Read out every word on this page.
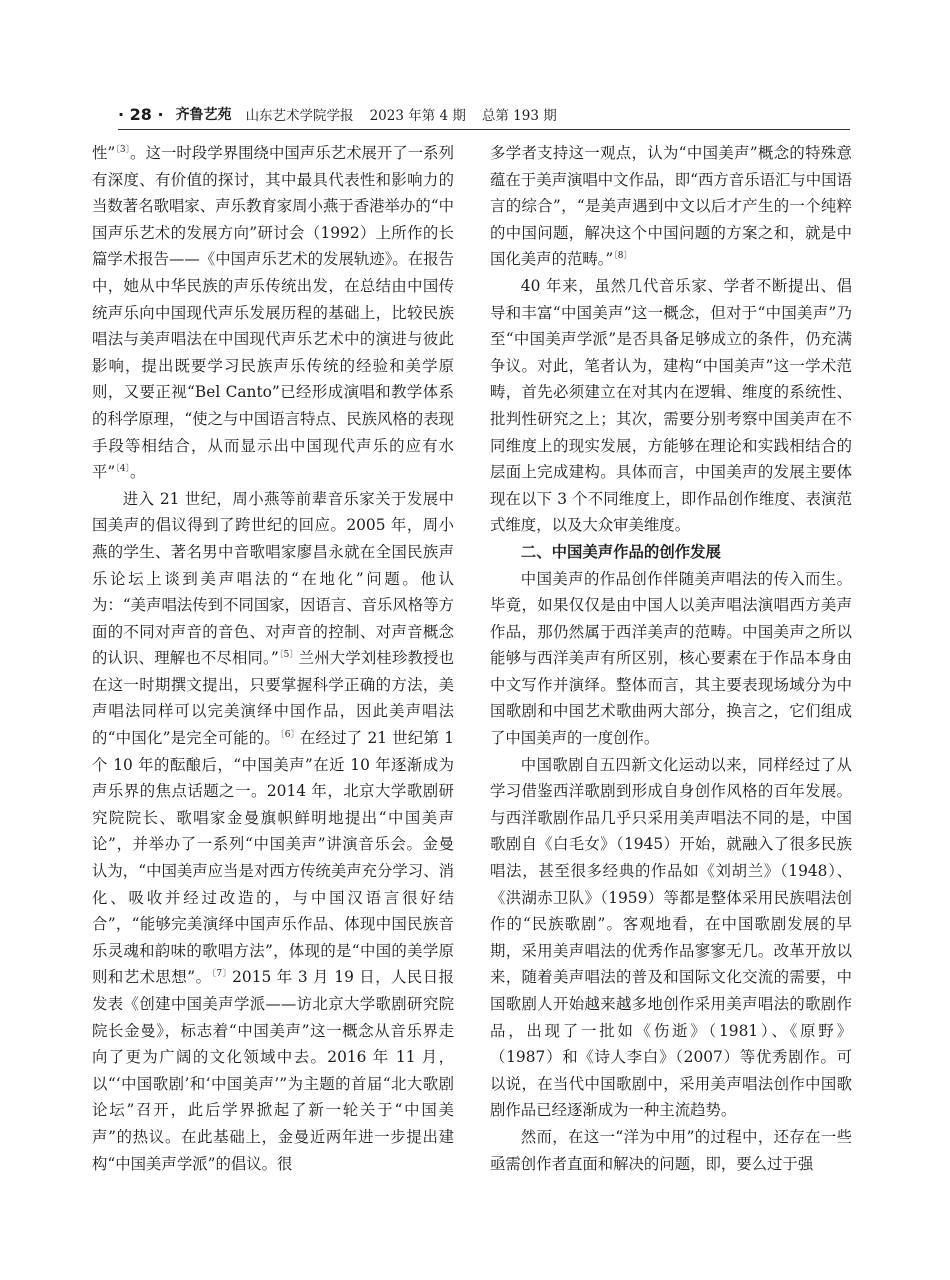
· 28 · 齐鲁艺苑 山东艺术学院学报 2023 年第 4 期 总第 193 期

性”$^{〔3〕}$。这一时段学界围绕中国声乐艺术展开了一系列有深度、有价值的探讨，其中最具代表性和影响力的当数著名歌唱家、声乐教育家周小燕于香港举办的“中国声乐艺术的发展方向”研讨会（1992）上所作的长篇学术报告——《中国声乐艺术的发展轨迹》。在报告中，她从中华民族的声乐传统出发，在总结由中国传统声乐向中国现代声乐发展历程的基础上，比较民族唱法与美声唱法在中国现代声乐艺术中的演进与彼此影响，提出既要学习民族声乐传统的经验和美学原则，又要正视“Bel Canto”已经形成演唱和教学体系的科学原理，“使之与中国语言特点、民族风格的表现手段等相结合，从而显示出中国现代声乐的应有水平”$^{〔4〕}$。

进入 21 世纪，周小燕等前辈音乐家关于发展中国美声的倡议得到了跨世纪的回应。2005 年，周小燕的学生、著名男中音歌唱家廖昌永就在全国民族声乐论坛上谈到美声唱法的“在地化”问题。他认为：“美声唱法传到不同国家，因语言、音乐风格等方面的不同对声音的音色、对声音的控制、对声音概念的认识、理解也不尽相同。”$^{〔5〕}$兰州大学刘桂珍教授也在这一时期撰文提出，只要掌握科学正确的方法，美声唱法同样可以完美演绎中国作品，因此美声唱法的“中国化”是完全可能的。$^{〔6〕}$在经过了 21 世纪第 1 个 10 年的酝酿后，“中国美声”在近 10 年逐渐成为声乐界的焦点话题之一。2014 年，北京大学歌剧研究院院长、歌唱家金曼旗帜鲜明地提出“中国美声论”，并举办了一系列“中国美声”讲演音乐会。金曼认为，“中国美声应当是对西方传统美声充分学习、消化、吸收并经过改造的，与中国汉语言很好结合”，“能够完美演绎中国声乐作品、体现中国民族音乐灵魂和韵味的歌唱方法”，体现的是“中国的美学原则和艺术思想”。$^{〔7〕}$2015 年 3 月 19 日，人民日报发表《创建中国美声学派——访北京大学歌剧研究院院长金曼》，标志着“中国美声”这一概念从音乐界走向了更为广阔的文化领域中去。2016 年 11 月，以“‘中国歌剧’和‘中国美声’”为主题的首届“北大歌剧论坛”召开，此后学界掀起了新一轮关于“中国美声”的热议。在此基础上，金曼近两年进一步提出建构“中国美声学派”的倡议。很

多学者支持这一观点，认为“中国美声”概念的特殊意蕴在于美声演唱中文作品，即“西方音乐语汇与中国语言的综合”，“是美声遇到中文以后才产生的一个纯粹的中国问题，解决这个中国问题的方案之和，就是中国化美声的范畴。”$^{〔8〕}$

40 年来，虽然几代音乐家、学者不断提出、倡导和丰富“中国美声”这一概念，但对于“中国美声”乃至“中国美声学派”是否具备足够成立的条件，仍充满争议。对此，笔者认为，建构“中国美声”这一学术范畴，首先必须建立在对其内在逻辑、维度的系统性、批判性研究之上；其次，需要分别考察中国美声在不同维度上的现实发展，方能够在理论和实践相结合的层面上完成建构。具体而言，中国美声的发展主要体现在以下 3 个不同维度上，即作品创作维度、表演范式维度，以及大众审美维度。

二、中国美声作品的创作发展

中国美声的作品创作伴随美声唱法的传入而生。毕竟，如果仅仅是由中国人以美声唱法演唱西方美声作品，那仍然属于西洋美声的范畴。中国美声之所以能够与西洋美声有所区别，核心要素在于作品本身由中文写作并演绎。整体而言，其主要表现场域分为中国歌剧和中国艺术歌曲两大部分，换言之，它们组成了中国美声的一度创作。

中国歌剧自五四新文化运动以来，同样经过了从学习借鉴西洋歌剧到形成自身创作风格的百年发展。与西洋歌剧作品几乎只采用美声唱法不同的是，中国歌剧自《白毛女》（1945）开始，就融入了很多民族唱法，甚至很多经典的作品如《刘胡兰》（1948）、《洪湖赤卫队》（1959）等都是整体采用民族唱法创作的“民族歌剧”。客观地看，在中国歌剧发展的早期，采用美声唱法的优秀作品寥寥无几。改革开放以来，随着美声唱法的普及和国际文化交流的需要，中国歌剧人开始越来越多地创作采用美声唱法的歌剧作品，出现了一批如《伤逝》（1981）、《原野》（1987）和《诗人李白》（2007）等优秀剧作。可以说，在当代中国歌剧中，采用美声唱法创作中国歌剧作品已经逐渐成为一种主流趋势。

然而，在这一“洋为中用”的过程中，还存在一些亟需创作者直面和解决的问题，即，要么过于强
